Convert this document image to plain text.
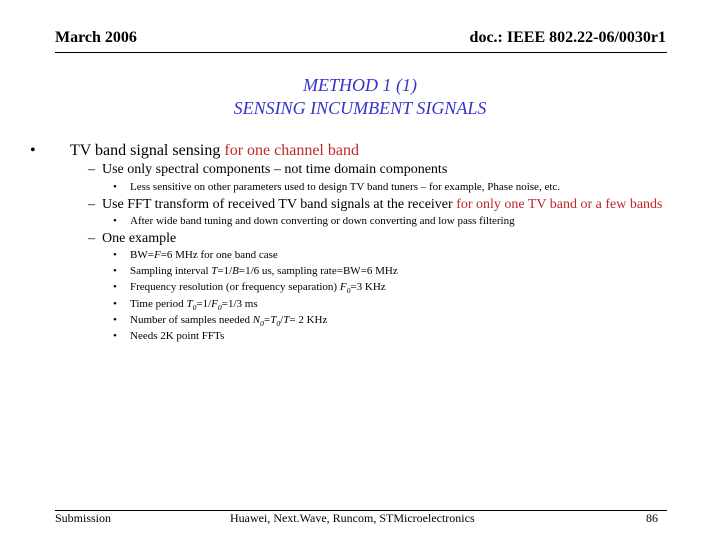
March 2006	doc.: IEEE 802.22-06/0030r1
METHOD 1 (1)
SENSING INCUMBENT SIGNALS
• TV band signal sensing for one channel band
– Use only spectral components – not time domain components
• Less sensitive on other parameters used to design TV band tuners – for example, Phase noise, etc.
– Use FFT transform of received TV band signals at the receiver for only one TV band or a few bands
• After wide band tuning and down converting or down converting and low pass filtering
– One example
• BW=F=6 MHz for one band case
• Sampling interval T=1/B=1/6 us, sampling rate=BW=6 MHz
• Frequency resolution (or frequency separation) $F_0=3$ KHz
• Time period $T_0=1/F_0=1/3$ ms
• Number of samples needed $N_0=T_0/T= 2$ KHz
• Needs 2K point FFTs
Submission	Huawei, Next.Wave, Runcom, STMicroelectronics	86
